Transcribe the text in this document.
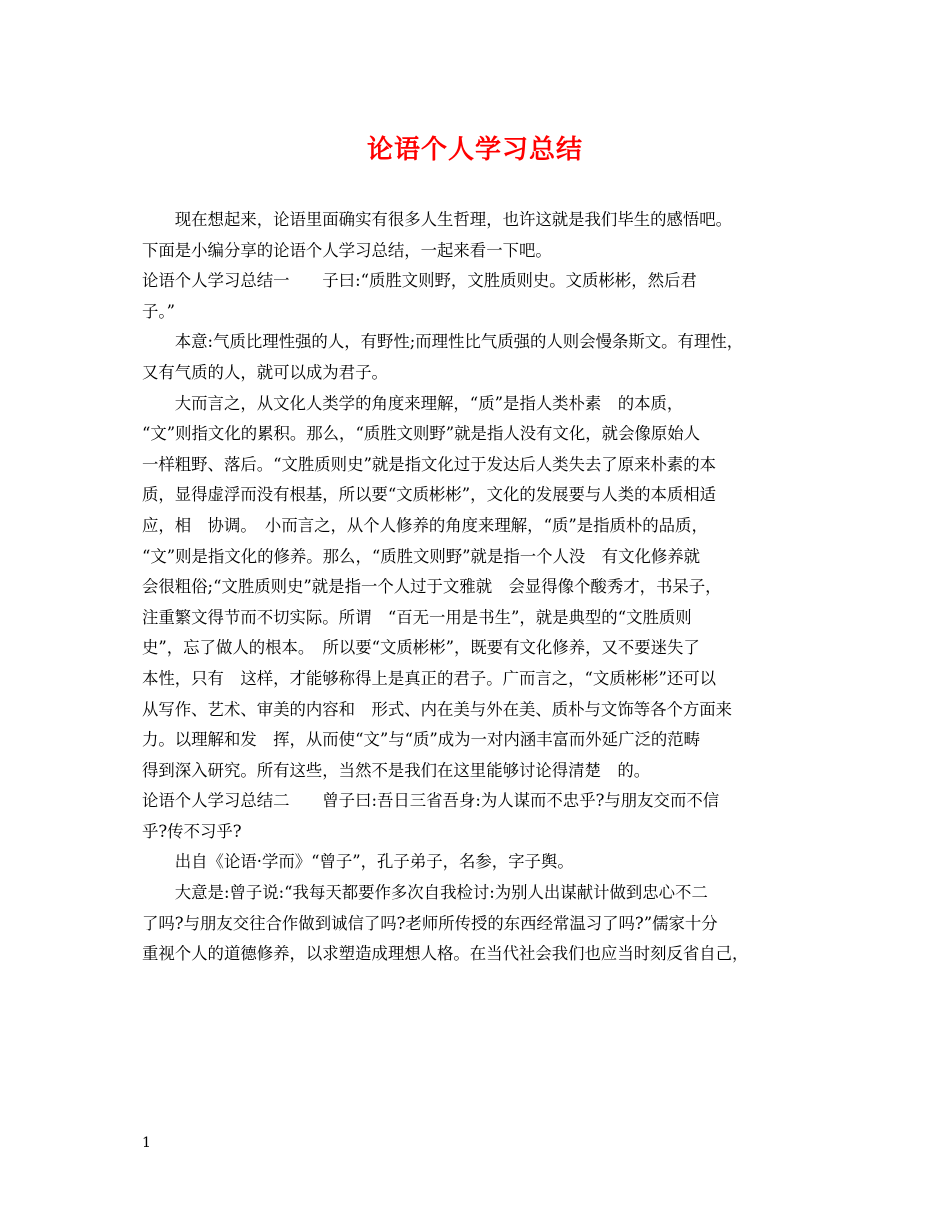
论语个人学习总结
　　现在想起来，论语里面确实有很多人生哲理，也许这就是我们毕生的感悟吧。
下面是小编分享的论语个人学习总结，一起来看一下吧。
论语个人学习总结一　　子曰:“质胜文则野，文胜质则史。文质彬彬，然后君
子。”
　　本意:气质比理性强的人，有野性;而理性比气质强的人则会慢条斯文。有理性，
又有气质的人，就可以成为君子。
　　大而言之，从文化人类学的角度来理解，“质”是指人类朴素　的本质，
“文”则指文化的累积。那么，“质胜文则野”就是指人没有文化，就会像原始人
一样粗野、落后。“文胜质则史”就是指文化过于发达后人类失去了原来朴素的本
质，显得虚浮而没有根基，所以要“文质彬彬”，文化的发展要与人类的本质相适
应，相　协调。　小而言之，从个人修养的角度来理解，“质”是指质朴的品质，
“文”则是指文化的修养。那么，“质胜文则野”就是指一个人没　有文化修养就
会很粗俗;“文胜质则史”就是指一个人过于文雅就　会显得像个酸秀才，书呆子，
注重繁文得节而不切实际。所谓　“百无一用是书生”，就是典型的“文胜质则
史”，忘了做人的根本。　所以要“文质彬彬”，既要有文化修养，又不要迷失了
本性，只有　这样，才能够称得上是真正的君子。广而言之，“文质彬彬”还可以
从写作、艺术、审美的内容和　形式、内在美与外在美、质朴与文饰等各个方面来
力。以理解和发　挥，从而使“文”与“质”成为一对内涵丰富而外延广泛的范畴
得到深入研究。所有这些，当然不是我们在这里能够讨论得清楚　的。
论语个人学习总结二　　曾子曰:吾日三省吾身:为人谋而不忠乎?与朋友交而不信
乎?传不习乎?
　　出自《论语·学而》“曾子”，孔子弟子，名参，字子舆。
　　大意是:曾子说:“我每天都要作多次自我检讨:为别人出谋献计做到忠心不二
了吗?与朋友交往合作做到诚信了吗?老师所传授的东西经常温习了吗?”儒家十分
重视个人的道德修养，以求塑造成理想人格。在当代社会我们也应当时刻反省自己，
1
